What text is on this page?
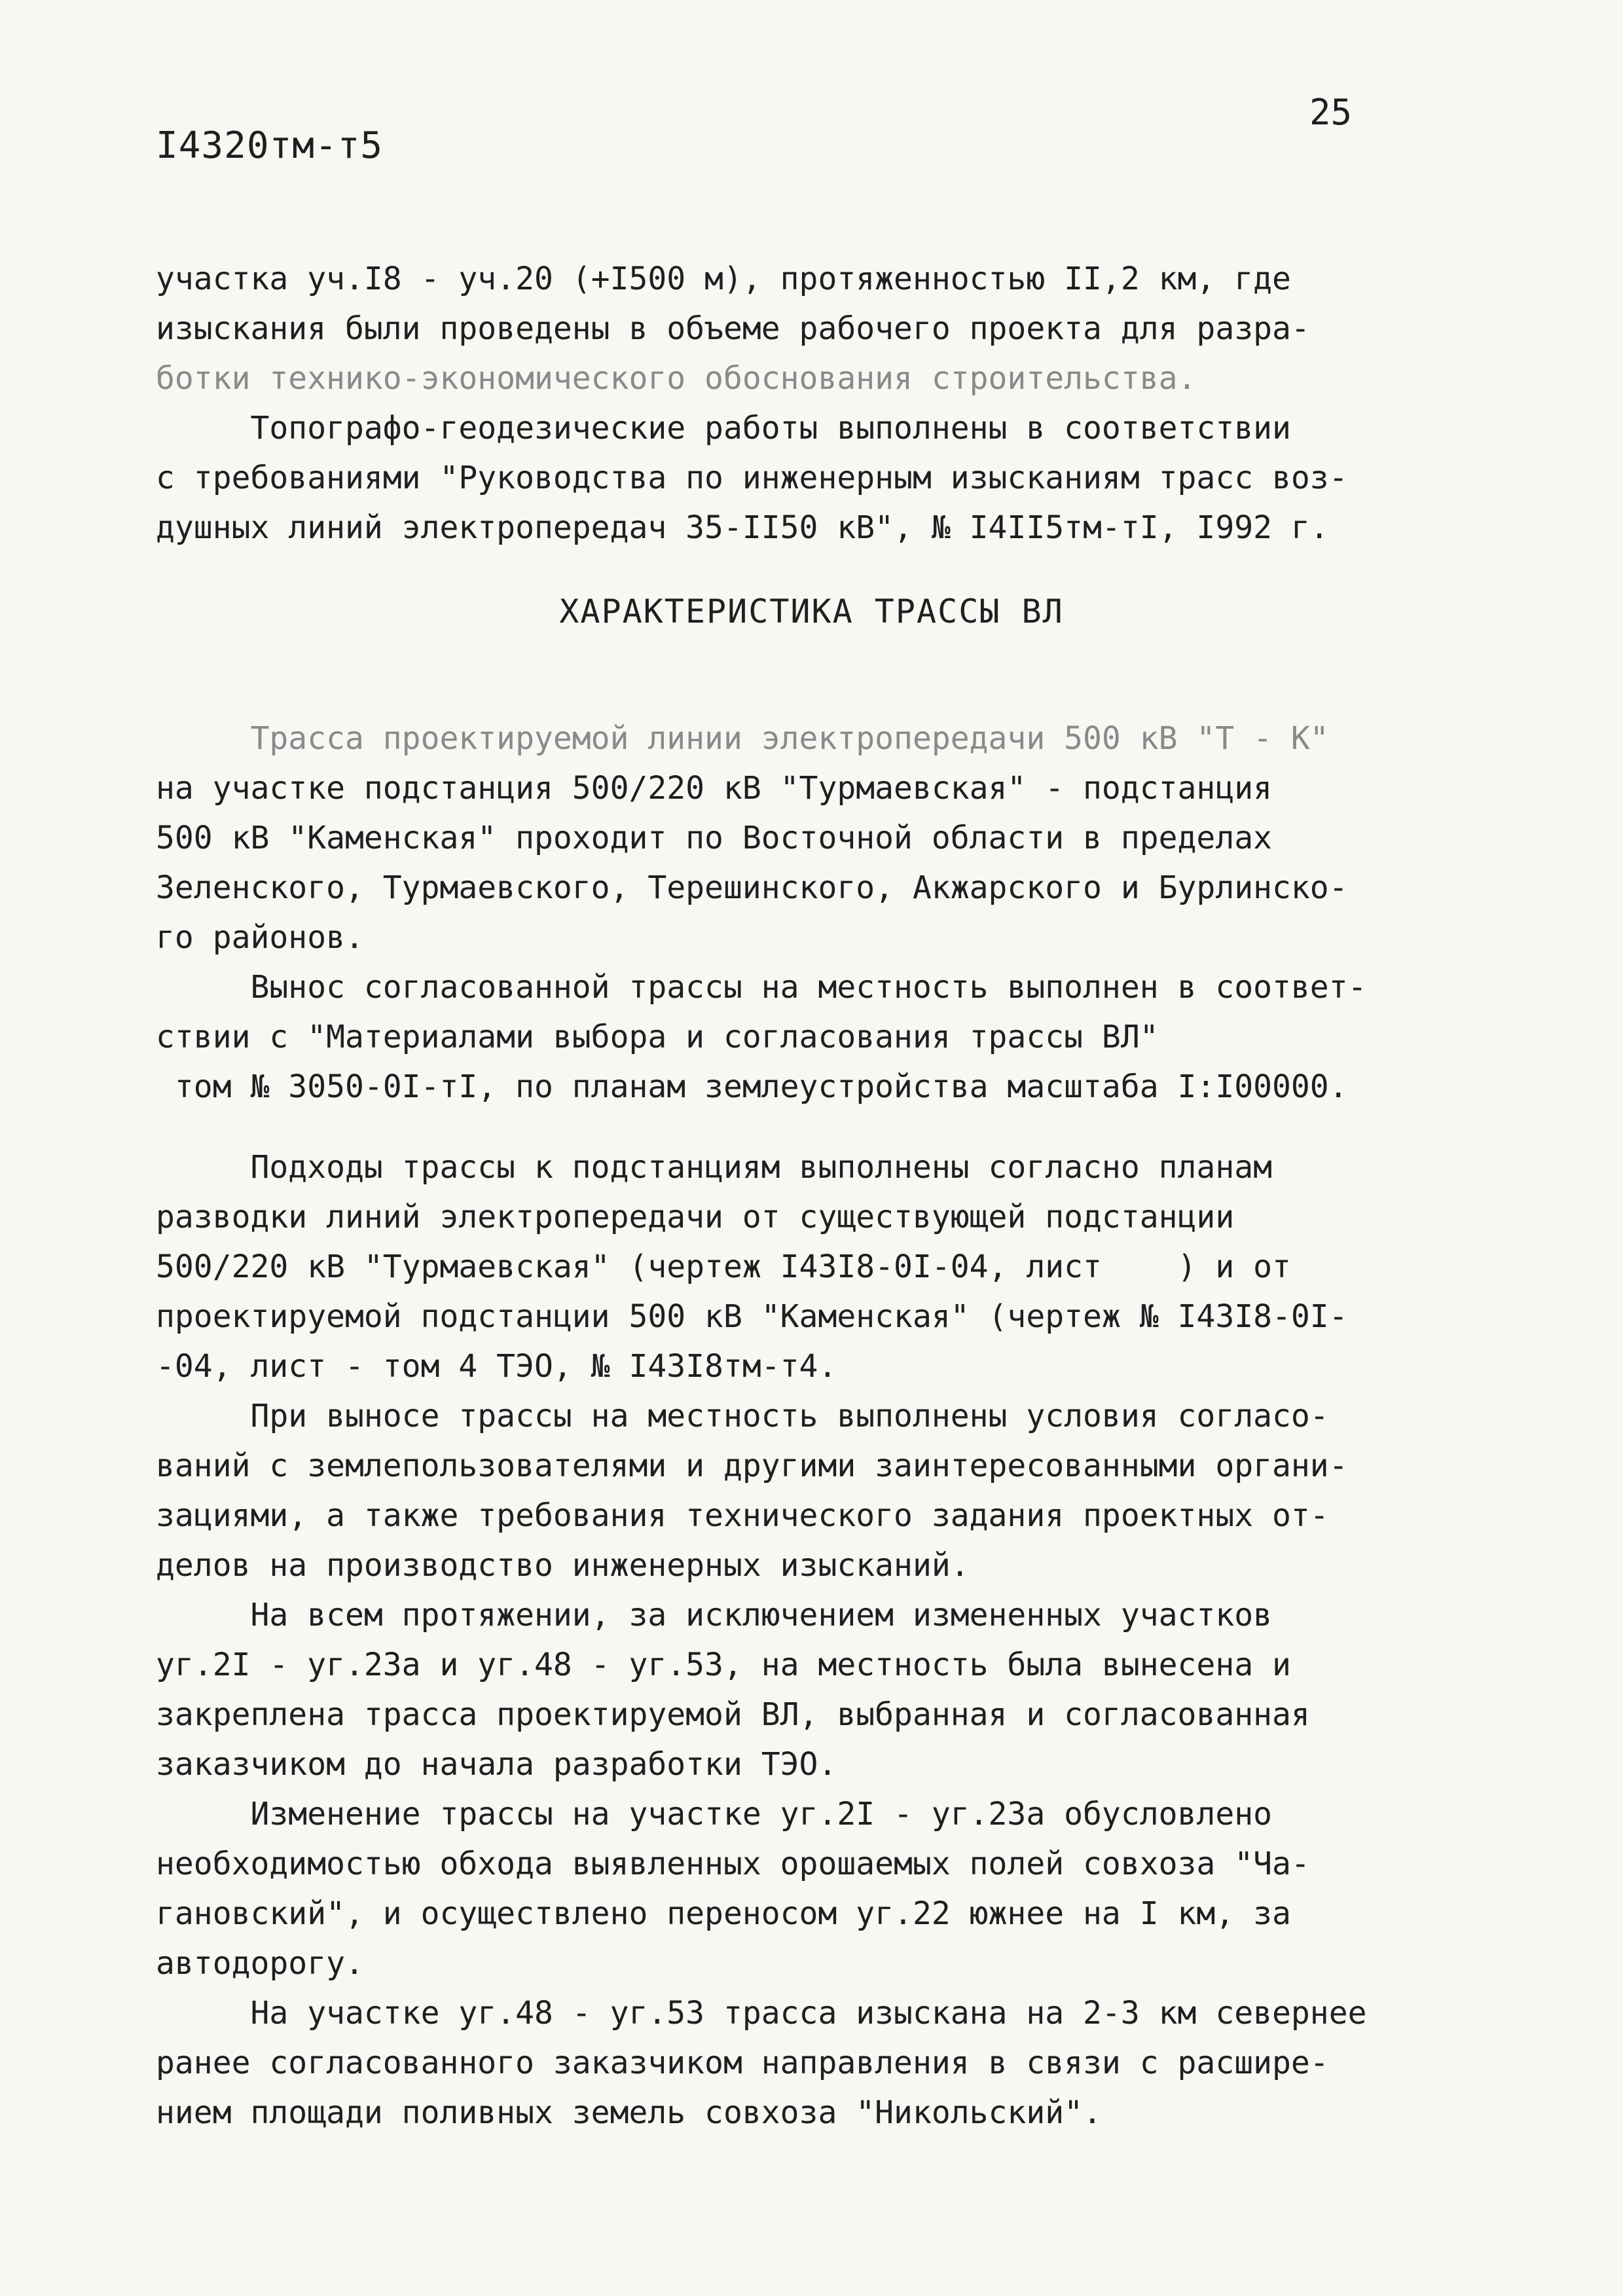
I4320тм-т5
25
участка уч.I8 - уч.20 (+I500 м), протяженностью II,2 км, где
изыскания были проведены в объеме рабочего проекта для разра-
ботки технико-экономического обоснования строительства.
Топографо-геодезические работы выполнены в соответствии
с требованиями "Руководства по инженерным изысканиям трасс воз-
душных линий электропередач 35-II50 кВ", № I4II5тм-тI, I992 г.
ХАРАКТЕРИСТИКА ТРАССЫ ВЛ
Трасса проектируемой линии электропередачи 500 кВ "Т - К"
на участке подстанция 500/220 кВ "Турмаевская" - подстанция
500 кВ "Каменская" проходит по Восточной области в пределах
Зеленского, Турмаевского, Терешинского, Акжарского и Бурлинско-
го районов.
Вынос согласованной трассы на местность выполнен в соответ-
ствии с "Материалами выбора и согласования трассы ВЛ"
том № 3050-0I-тI, по планам землеустройства масштаба I:I00000.
Подходы трассы к подстанциям выполнены согласно планам
разводки линий электропередачи от существующей подстанции
500/220 кВ "Турмаевская" (чертеж I43I8-0I-04, лист    ) и от
проектируемой подстанции 500 кВ "Каменская" (чертеж № I43I8-0I-
-04, лист - том 4 ТЭО, № I43I8тм-т4.
При выносе трассы на местность выполнены условия согласо-
ваний с землепользователями и другими заинтересованными органи-
зациями, а также требования технического задания проектных от-
делов на производство инженерных изысканий.
На всем протяжении, за исключением измененных участков
уг.2I - уг.23а и уг.48 - уг.53, на местность была вынесена и
закреплена трасса проектируемой ВЛ, выбранная и согласованная
заказчиком до начала разработки ТЭО.
Изменение трассы на участке уг.2I - уг.23а обусловлено
необходимостью обхода выявленных орошаемых полей совхоза "Ча-
гановский", и осуществлено переносом уг.22 южнее на I км, за
автодорогу.
На участке уг.48 - уг.53 трасса изыскана на 2-3 км севернее
ранее согласованного заказчиком направления в связи с расшире-
нием площади поливных земель совхоза "Никольский".
